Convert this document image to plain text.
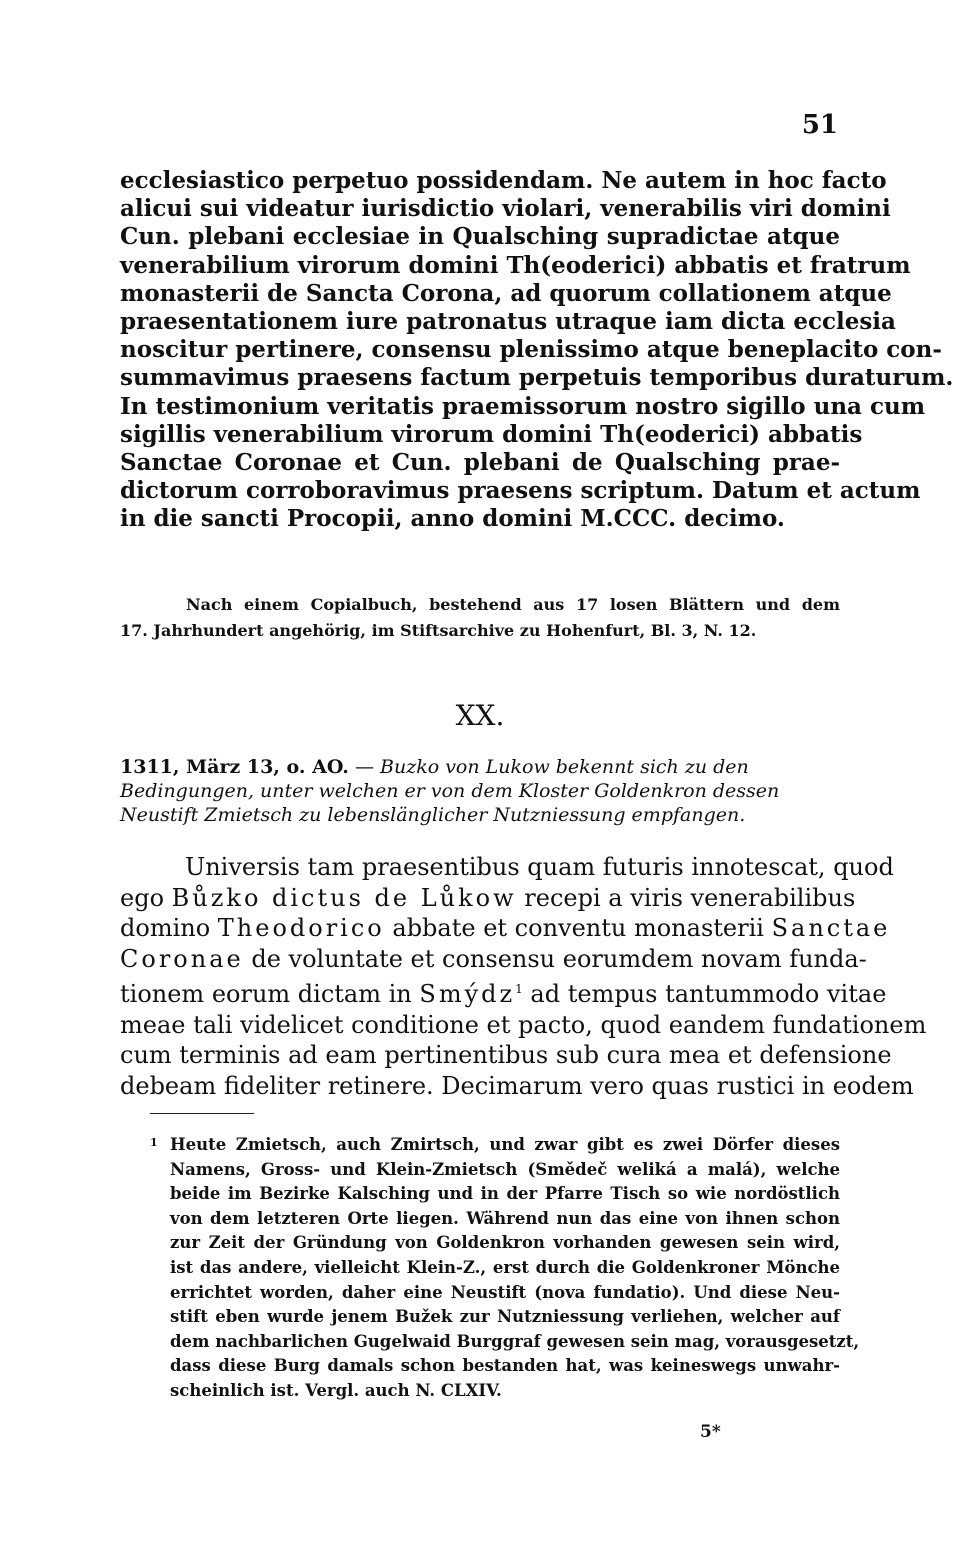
51
ecclesiastico perpetuo possidendam. Ne autem in hoc facto
alicui sui videatur iurisdictio violari, venerabilis viri domini
Cun. plebani ecclesiae in Qualsching supradictae atque
venerabilium virorum domini Th(eoderici) abbatis et fratrum
monasterii de Sancta Corona, ad quorum collationem atque
praesentationem iure patronatus utraque iam dicta ecclesia
noscitur pertinere, consensu plenissimo atque beneplacito con-
summavimus praesens factum perpetuis temporibus duraturum.
In testimonium veritatis praemissorum nostro sigillo una cum
sigillis venerabilium virorum domini Th(eoderici) abbatis
Sanctae Coronae et Cun. plebani de Qualsching prae-
dictorum corroboravimus praesens scriptum. Datum et actum
in die sancti Procopii, anno domini M.CCC. decimo.
Nach einem Copialbuch, bestehend aus 17 losen Blättern und dem
17. Jahrhundert angehörig, im Stiftsarchive zu Hohenfurt, Bl. 3, N. 12.
XX.
1311, März 13, o. AO. — Buzko von Lukow bekennt sich zu den Bedingungen, unter welchen er von dem Kloster Goldenkron dessen Neustift Zmietsch zu lebenslänglicher Nutzniessung empfangen.
Universis tam praesentibus quam futuris innotescat, quod
ego Bůzko dictus de Lůkow recepi a viris venerabilibus
domino Theodorico abbate et conventu monasterii Sanctae
Coronae de voluntate et consensu eorumdem novam funda-
tionem eorum dictam in Smýdz$^1$ ad tempus tantummodo vitae
meae tali videlicet conditione et pacto, quod eandem fundationem
cum terminis ad eam pertinentibus sub cura mea et defensione
debeam fideliter retinere. Decimarum vero quas rustici in eodem
1 Heute Zmietsch, auch Zmirtsch, und zwar gibt es zwei Dörfer dieses
Namens, Gross- und Klein-Zmietsch (Smědeč weliká a malá), welche
beide im Bezirke Kalsching und in der Pfarre Tisch so wie nordöstlich
von dem letzteren Orte liegen. Während nun das eine von ihnen schon
zur Zeit der Gründung von Goldenkron vorhanden gewesen sein wird,
ist das andere, vielleicht Klein-Z., erst durch die Goldenkroner Mönche
errichtet worden, daher eine Neustift (nova fundatio). Und diese Neu-
stift eben wurde jenem Bužek zur Nutzniessung verliehen, welcher auf
dem nachbarlichen Gugelwaid Burggraf gewesen sein mag, vorausgesetzt,
dass diese Burg damals schon bestanden hat, was keineswegs unwahr-
scheinlich ist. Vergl. auch N. CLXIV.
5*
